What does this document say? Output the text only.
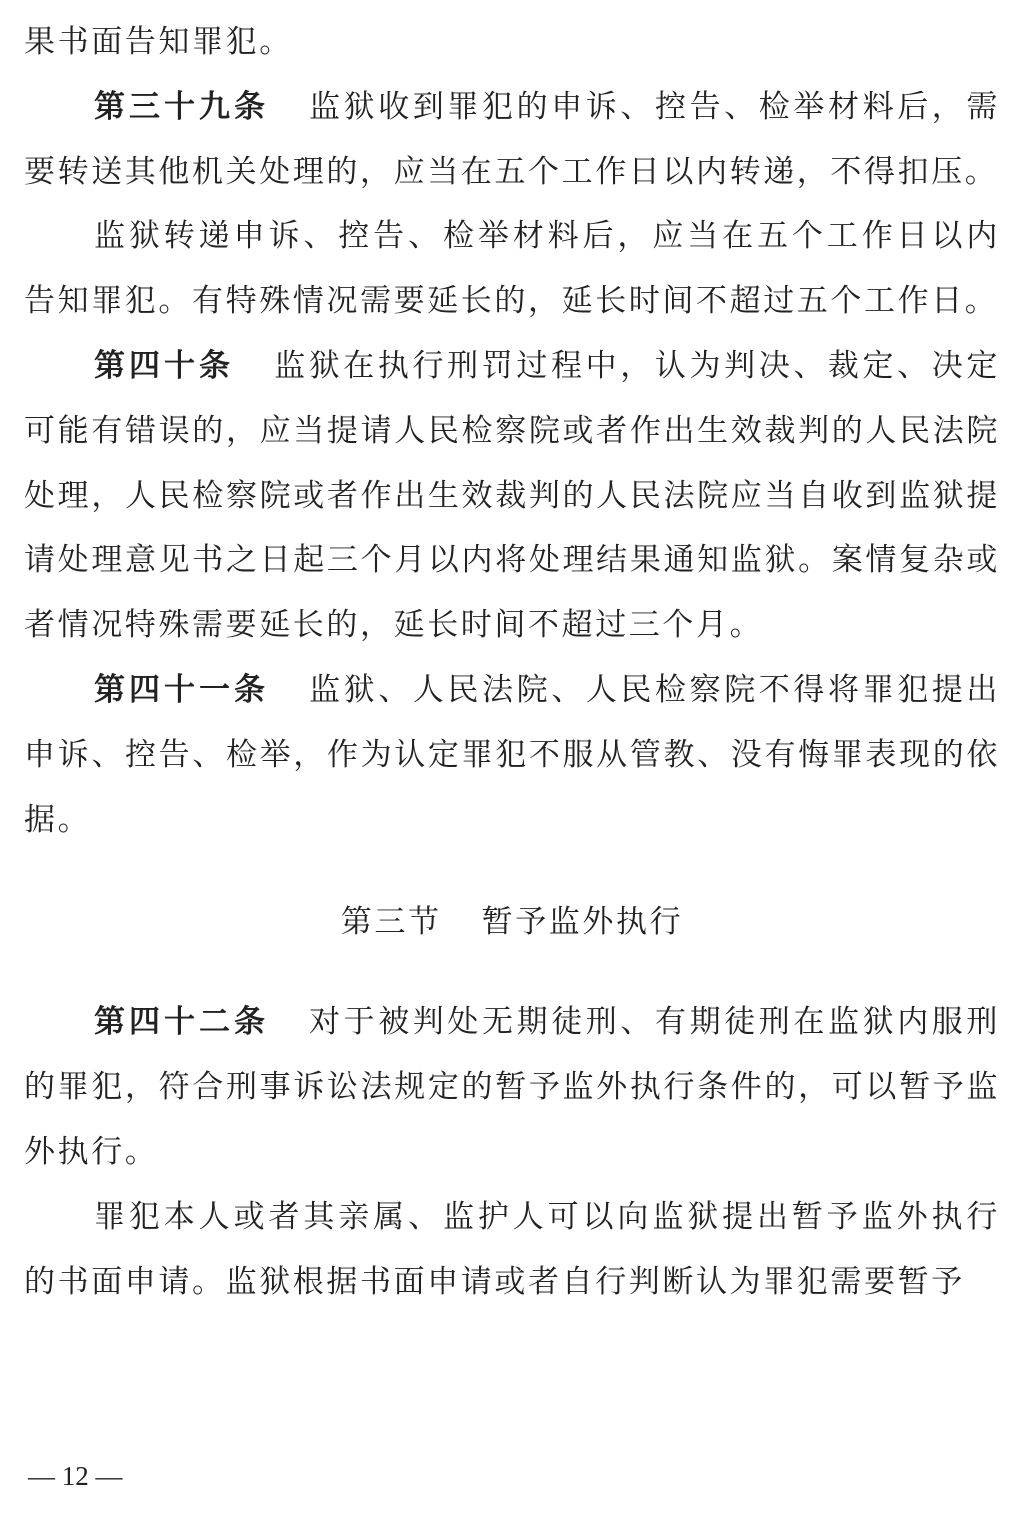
果书面告知罪犯。

第三十九条 监狱收到罪犯的申诉、控告、检举材料后，需要转送其他机关处理的，应当在五个工作日以内转递，不得扣压。

监狱转递申诉、控告、检举材料后，应当在五个工作日以内告知罪犯。有特殊情况需要延长的，延长时间不超过五个工作日。

第四十条 监狱在执行刑罚过程中，认为判决、裁定、决定可能有错误的，应当提请人民检察院或者作出生效裁判的人民法院处理，人民检察院或者作出生效裁判的人民法院应当自收到监狱提请处理意见书之日起三个月以内将处理结果通知监狱。案情复杂或者情况特殊需要延长的，延长时间不超过三个月。

第四十一条 监狱、人民法院、人民检察院不得将罪犯提出申诉、控告、检举，作为认定罪犯不服从管教、没有悔罪表现的依据。

第三节 暂予监外执行

第四十二条 对于被判处无期徒刑、有期徒刑在监狱内服刑的罪犯，符合刑事诉讼法规定的暂予监外执行条件的，可以暂予监外执行。

罪犯本人或者其亲属、监护人可以向监狱提出暂予监外执行的书面申请。监狱根据书面申请或者自行判断认为罪犯需要暂予

— 12 —
